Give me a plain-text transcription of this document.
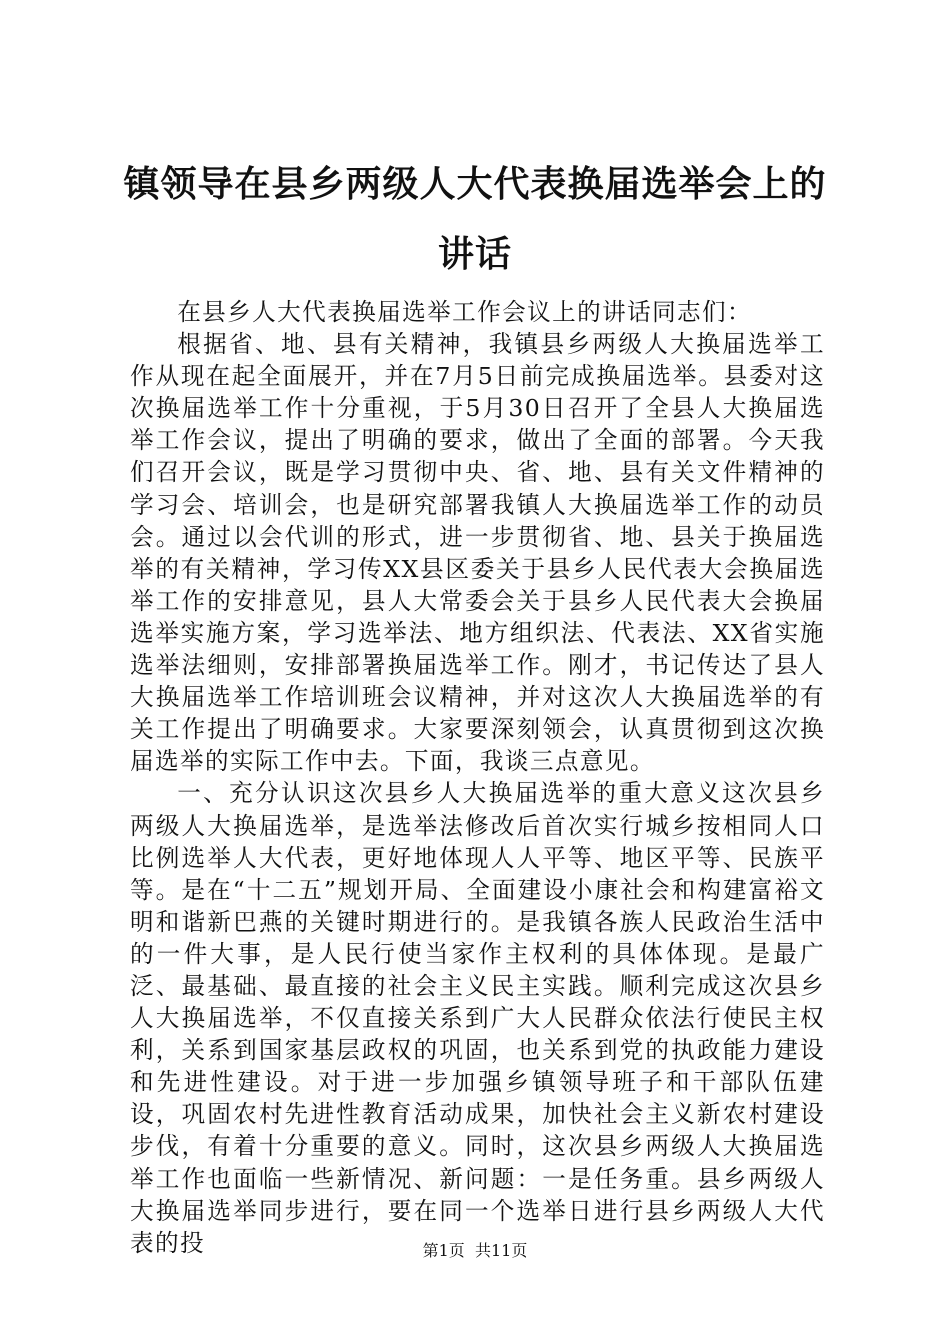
镇领导在县乡两级人大代表换届选举会上的讲话

在县乡人大代表换届选举工作会议上的讲话同志们：

根据省、地、县有关精神，我镇县乡两级人大换届选举工作从现在起全面展开，并在7月5日前完成换届选举。县委对这次换届选举工作十分重视，于5月30日召开了全县人大换届选举工作会议，提出了明确的要求，做出了全面的部署。今天我们召开会议，既是学习贯彻中央、省、地、县有关文件精神的学习会、培训会，也是研究部署我镇人大换届选举工作的动员会。通过以会代训的形式，进一步贯彻省、地、县关于换届选举的有关精神，学习传XX县区委关于县乡人民代表大会换届选举工作的安排意见，县人大常委会关于县乡人民代表大会换届选举实施方案，学习选举法、地方组织法、代表法、XX省实施选举法细则，安排部署换届选举工作。刚才，书记传达了县人大换届选举工作培训班会议精神，并对这次人大换届选举的有关工作提出了明确要求。大家要深刻领会，认真贯彻到这次换届选举的实际工作中去。下面，我谈三点意见。

一、充分认识这次县乡人大换届选举的重大意义这次县乡两级人大换届选举，是选举法修改后首次实行城乡按相同人口比例选举人大代表，更好地体现人人平等、地区平等、民族平等。是在“十二五”规划开局、全面建设小康社会和构建富裕文明和谐新巴燕的关键时期进行的。是我镇各族人民政治生活中的一件大事，是人民行使当家作主权利的具体体现。是最广泛、最基础、最直接的社会主义民主实践。顺利完成这次县乡人大换届选举，不仅直接关系到广大人民群众依法行使民主权利，关系到国家基层政权的巩固，也关系到党的执政能力建设和先进性建设。对于进一步加强乡镇领导班子和干部队伍建设，巩固农村先进性教育活动成果，加快社会主义新农村建设步伐，有着十分重要的意义。同时，这次县乡两级人大换届选举工作也面临一些新情况、新问题：一是任务重。县乡两级人大换届选举同步进行，要在同一个选举日进行县乡两级人大代表的投	第1页 共11页
